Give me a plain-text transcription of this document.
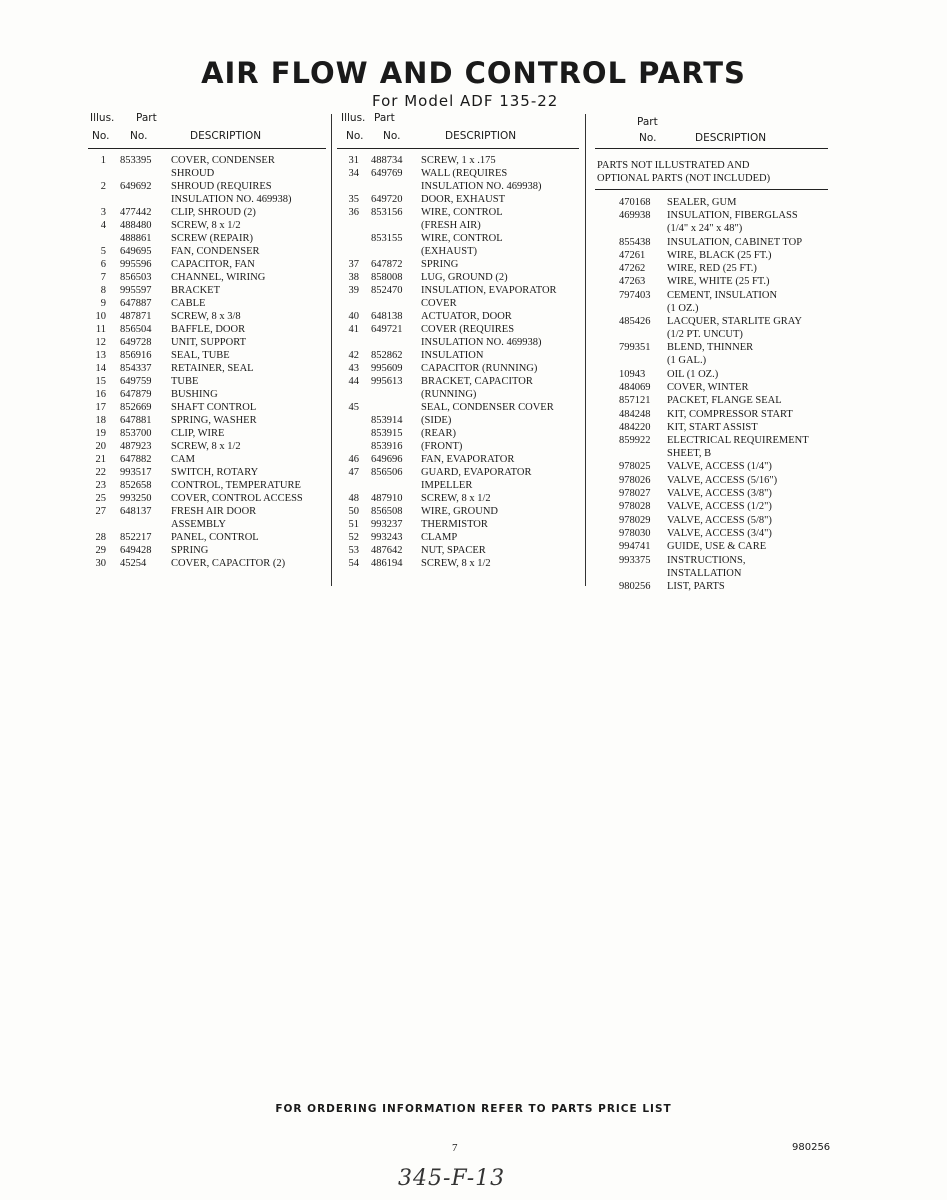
AIR FLOW AND CONTROL PARTS
For Model ADF 135-22
Illus. Part
No. No.	DESCRIPTION
1 853395 COVER, CONDENSER
SHROUD
2 649692 SHROUD (REQUIRES
INSULATION NO. 469938)
3 477442 CLIP, SHROUD (2)
4 488480 SCREW, 8 x 1/2
488861 SCREW (REPAIR)
5 649695 FAN, CONDENSER
6 995596 CAPACITOR, FAN
7 856503 CHANNEL, WIRING
8 995597 BRACKET
9 647887 CABLE
10 487871 SCREW, 8 x 3/8
11 856504 BAFFLE, DOOR
12 649728 UNIT, SUPPORT
13 856916 SEAL, TUBE
14 854337 RETAINER, SEAL
15 649759 TUBE
16 647879 BUSHING
17 852669 SHAFT CONTROL
18 647881 SPRING, WASHER
19 853700 CLIP, WIRE
20 487923 SCREW, 8 x 1/2
21 647882 CAM
22 993517 SWITCH, ROTARY
23 852658 CONTROL, TEMPERATURE
25 993250 COVER, CONTROL ACCESS
27 648137 FRESH AIR DOOR
ASSEMBLY
28 852217 PANEL, CONTROL
29 649428 SPRING
30 45254 COVER, CAPACITOR (2)
Illus. Part
No. No.	DESCRIPTION
31 488734 SCREW, 1 x .175
34 649769 WALL (REQUIRES
INSULATION NO. 469938)
35 649720 DOOR, EXHAUST
36 853156 WIRE, CONTROL
(FRESH AIR)
853155 WIRE, CONTROL
(EXHAUST)
37 647872 SPRING
38 858008 LUG, GROUND (2)
39 852470 INSULATION, EVAPORATOR
COVER
40 648138 ACTUATOR, DOOR
41 649721 COVER (REQUIRES
INSULATION NO. 469938)
42 852862 INSULATION
43 995609 CAPACITOR (RUNNING)
44 995613 BRACKET, CAPACITOR
(RUNNING)
45	SEAL, CONDENSER COVER
853914 (SIDE)
853915 (REAR)
853916 (FRONT)
46 649696 FAN, EVAPORATOR
47 856506 GUARD, EVAPORATOR
IMPELLER
48 487910 SCREW, 8 x 1/2
50 856508 WIRE, GROUND
51 993237 THERMISTOR
52 993243 CLAMP
53 487642 NUT, SPACER
54 486194 SCREW, 8 x 1/2
Part
No.	DESCRIPTION
PARTS NOT ILLUSTRATED AND
OPTIONAL PARTS (NOT INCLUDED)
470168 SEALER, GUM
469938 INSULATION, FIBERGLASS
(1/4" x 24" x 48")
855438 INSULATION, CABINET TOP
47261 WIRE, BLACK (25 FT.)
47262 WIRE, RED (25 FT.)
47263 WIRE, WHITE (25 FT.)
797403 CEMENT, INSULATION
(1 OZ.)
485426 LACQUER, STARLITE GRAY
(1/2 PT. UNCUT)
799351 BLEND, THINNER
(1 GAL.)
10943 OIL (1 OZ.)
484069 COVER, WINTER
857121 PACKET, FLANGE SEAL
484248 KIT, COMPRESSOR START
484220 KIT, START ASSIST
859922 ELECTRICAL REQUIREMENT
SHEET, B
978025 VALVE, ACCESS (1/4")
978026 VALVE, ACCESS (5/16")
978027 VALVE, ACCESS (3/8")
978028 VALVE, ACCESS (1/2")
978029 VALVE, ACCESS (5/8")
978030 VALVE, ACCESS (3/4")
994741 GUIDE, USE & CARE
993375 INSTRUCTIONS,
INSTALLATION
980256 LIST, PARTS
FOR ORDERING INFORMATION REFER TO PARTS PRICE LIST
7	980256
345-F-13
